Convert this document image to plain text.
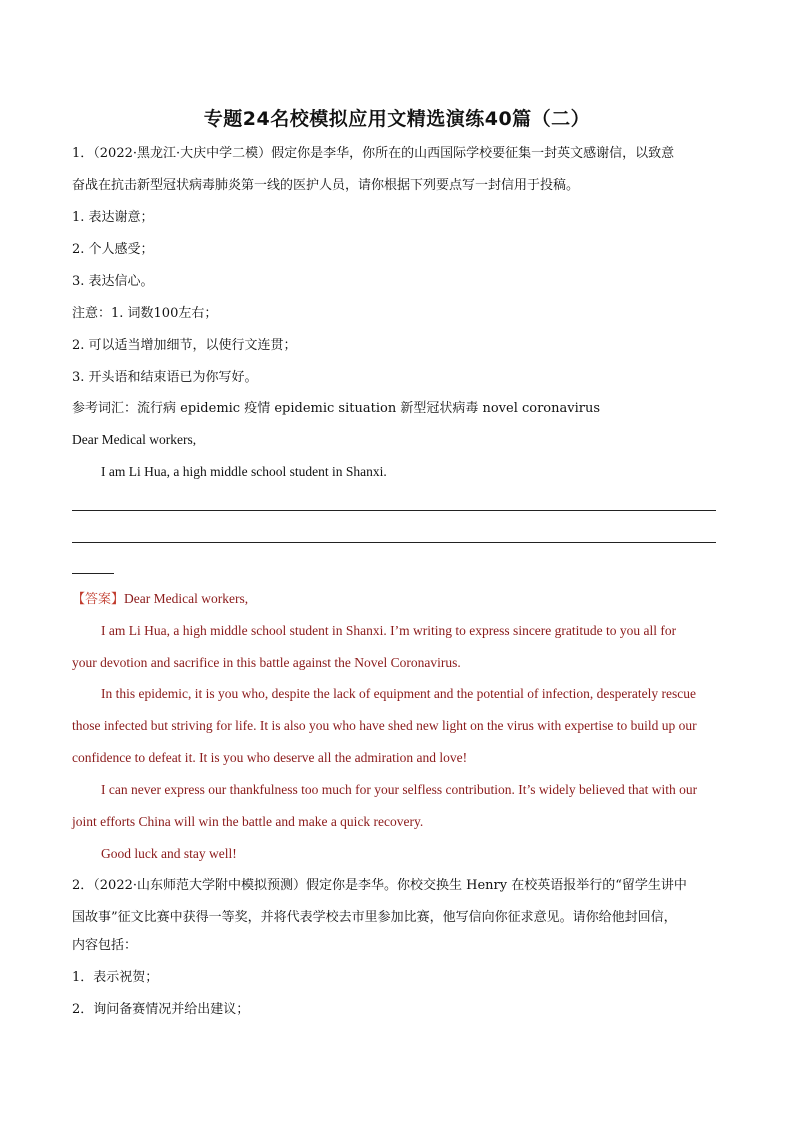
专题24名校模拟应用文精选演练40篇（二）
1．（2022·黑龙江·大庆中学二模）假定你是李华，你所在的山西国际学校要征集一封英文感谢信，以致意
奋战在抗击新型冠状病毒肺炎第一线的医护人员，请你根据下列要点写一封信用于投稿。
1. 表达谢意；
2. 个人感受；
3. 表达信心。
注意：1. 词数100左右；
2. 可以适当增加细节，以使行文连贯；
3. 开头语和结束语已为你写好。
参考词汇：流行病 epidemic 疫情 epidemic situation 新型冠状病毒 novel coronavirus
Dear Medical workers,
I am Li Hua, a high middle school student in Shanxi.
【答案】Dear Medical workers,
I am Li Hua, a high middle school student in Shanxi. I’m writing to express sincere gratitude to you all for
your devotion and sacrifice in this battle against the Novel Coronavirus.
In this epidemic, it is you who, despite the lack of equipment and the potential of infection, desperately rescue
those infected but striving for life. It is also you who have shed new light on the virus with expertise to build up our
confidence to defeat it. It is you who deserve all the admiration and love!
I can never express our thankfulness too much for your selfless contribution. It’s widely believed that with our
joint efforts China will win the battle and make a quick recovery.
Good luck and stay well!
2．（2022·山东师范大学附中模拟预测）假定你是李华。你校交换生 Henry 在校英语报举行的“留学生讲中
国故事”征文比赛中获得一等奖，并将代表学校去市里参加比赛，他写信向你征求意见。请你给他封回信，
内容包括：
1．表示祝贺；
2．询问备赛情况并给出建议；
